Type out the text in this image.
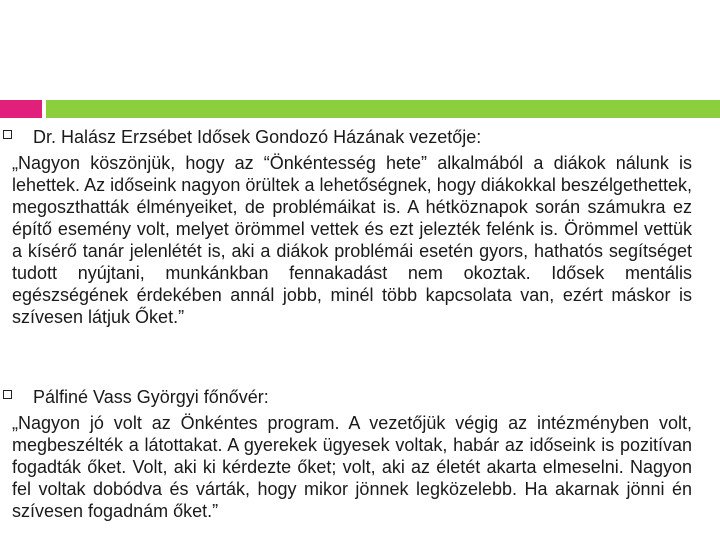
Dr. Halász Erzsébet Idősek Gondozó Házának vezetője:

„Nagyon köszönjük, hogy az “Önkéntesség hete” alkalmából a diákok nálunk is lehettek. Az időseink nagyon örültek a lehetőségnek, hogy diákokkal beszélgethettek, megoszthatták élményeiket, de problémáikat is. A hétköznapok során számukra ez építő esemény volt, melyet örömmel vettek és ezt jelezték felénk is. Örömmel vettük a kísérő tanár jelenlétét is, aki a diákok problémái esetén gyors, hathatós segítséget tudott nyújtani, munkánkban fennakadást nem okoztak. Idősek mentális egészségének érdekében annál jobb, minél több kapcsolata van, ezért máskor is szívesen látjuk Őket.”

Pálfiné Vass Györgyi főnővér:

„Nagyon jó volt az Önkéntes program. A vezetőjük végig az intézményben volt, megbeszélték a látottakat. A gyerekek ügyesek voltak, habár az időseink is pozitívan fogadták őket. Volt, aki ki kérdezte őket; volt, aki az életét akarta elmeselni. Nagyon fel voltak dobódva és várták, hogy mikor jönnek legközelebb. Ha akarnak jönni én szívesen fogadnám őket.”
